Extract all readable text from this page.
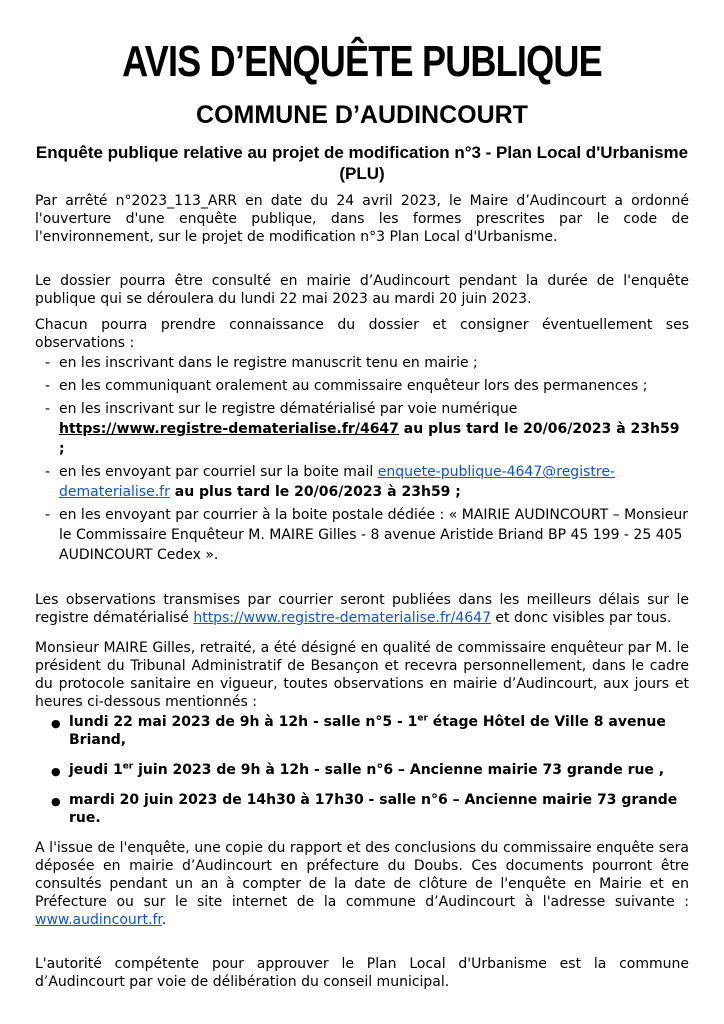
AVIS D’ENQUÊTE PUBLIQUE
COMMUNE D’AUDINCOURT
Enquête publique relative au projet de modification n°3 - Plan Local d'Urbanisme (PLU)

Par arrêté n°2023_113_ARR en date du 24 avril 2023, le Maire d’Audincourt a ordonné l'ouverture d'une enquête publique, dans les formes prescrites par le code de l'environnement, sur le projet de modification n°3 Plan Local d'Urbanisme.

Le dossier pourra être consulté en mairie d’Audincourt pendant la durée de l'enquête publique qui se déroulera du lundi 22 mai 2023 au mardi 20 juin 2023.

Chacun pourra prendre connaissance du dossier et consigner éventuellement ses observations :

- en les inscrivant dans le registre manuscrit tenu en mairie ;
- en les communiquant oralement au commissaire enquêteur lors des permanences ;
- en les inscrivant sur le registre dématérialisé par voie numérique
https://www.registre-dematerialise.fr/4647 au plus tard le 20/06/2023 à 23h59 ;
- en les envoyant par courriel sur la boite mail enquete-publique-4647@registre-dematerialise.fr au plus tard le 20/06/2023 à 23h59 ;
- en les envoyant par courrier à la boite postale dédiée : « MAIRIE AUDINCOURT – Monsieur le Commissaire Enquêteur M. MAIRE Gilles - 8 avenue Aristide Briand BP 45 199 - 25 405 AUDINCOURT Cedex ».

Les observations transmises par courrier seront publiées dans les meilleurs délais sur le registre dématérialisé https://www.registre-dematerialise.fr/4647 et donc visibles par tous.

Monsieur MAIRE Gilles, retraité, a été désigné en qualité de commissaire enquêteur par M. le président du Tribunal Administratif de Besançon et recevra personnellement, dans le cadre du protocole sanitaire en vigueur, toutes observations en mairie d’Audincourt, aux jours et heures ci-dessous mentionnés :

● lundi 22 mai 2023 de 9h à 12h - salle n°5 - 1er étage Hôtel de Ville 8 avenue Briand,
● jeudi 1er juin 2023 de 9h à 12h - salle n°6 – Ancienne mairie 73 grande rue ,
● mardi 20 juin 2023 de 14h30 à 17h30 - salle n°6 – Ancienne mairie 73 grande rue.

A l'issue de l'enquête, une copie du rapport et des conclusions du commissaire enquête sera déposée en mairie d’Audincourt en préfecture du Doubs. Ces documents pourront être consultés pendant un an à compter de la date de clôture de l'enquête en Mairie et en Préfecture ou sur le site internet de la commune d’Audincourt à l'adresse suivante : www.audincourt.fr.

L'autorité compétente pour approuver le Plan Local d'Urbanisme est la commune d’Audincourt par voie de délibération du conseil municipal.
